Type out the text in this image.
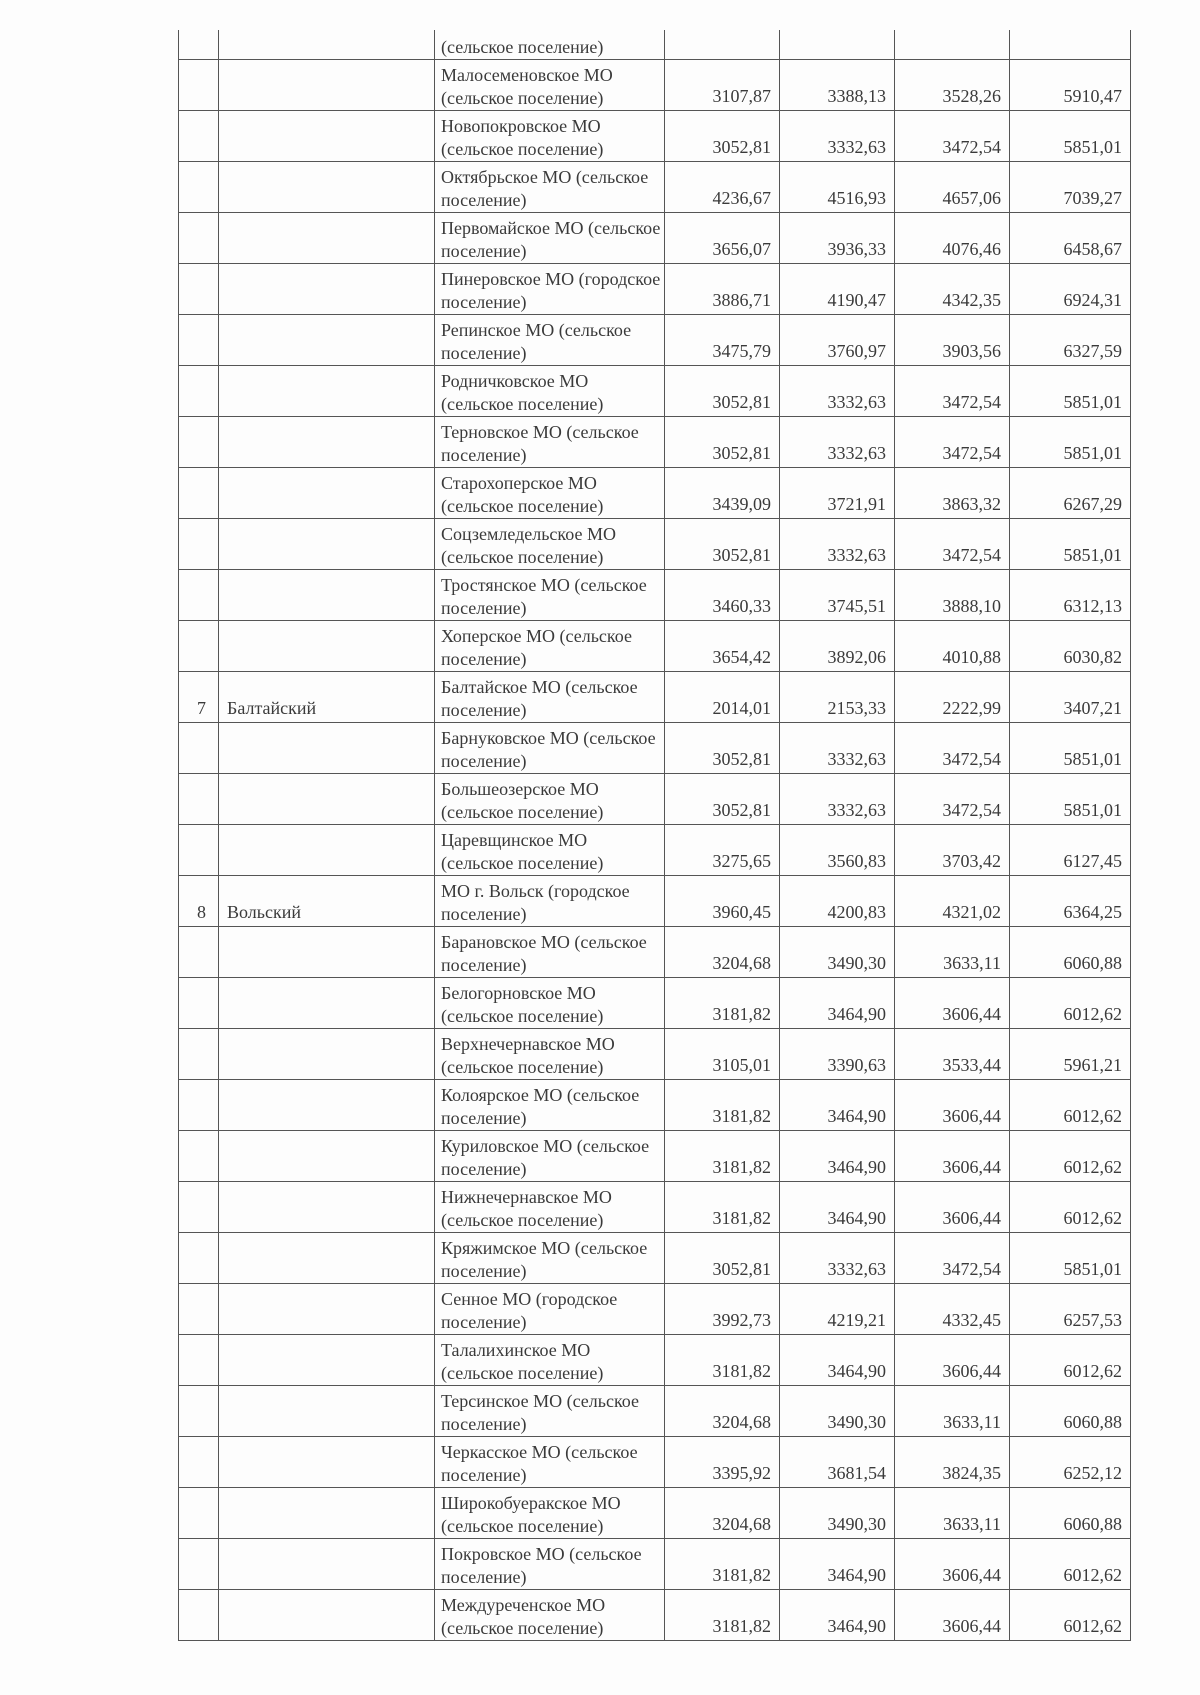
		(сельское поселение)				
		Малосеменовское МО (сельское поселение)	3107,87	3388,13	3528,26	5910,47
		Новопокровское МО (сельское поселение)	3052,81	3332,63	3472,54	5851,01
		Октябрьское МО (сельское поселение)	4236,67	4516,93	4657,06	7039,27
		Первомайское МО (сельское поселение)	3656,07	3936,33	4076,46	6458,67
		Пинеровское МО (городское поселение)	3886,71	4190,47	4342,35	6924,31
		Репинское МО (сельское поселение)	3475,79	3760,97	3903,56	6327,59
		Родничковское МО (сельское поселение)	3052,81	3332,63	3472,54	5851,01
		Терновское МО (сельское поселение)	3052,81	3332,63	3472,54	5851,01
		Старохоперское МО (сельское поселение)	3439,09	3721,91	3863,32	6267,29
		Соцземледельское МО (сельское поселение)	3052,81	3332,63	3472,54	5851,01
		Тростянское МО (сельское поселение)	3460,33	3745,51	3888,10	6312,13
		Хоперское МО (сельское поселение)	3654,42	3892,06	4010,88	6030,82
7	Балтайский	Балтайское МО (сельское поселение)	2014,01	2153,33	2222,99	3407,21
		Барнуковское МО (сельское поселение)	3052,81	3332,63	3472,54	5851,01
		Большеозерское МО (сельское поселение)	3052,81	3332,63	3472,54	5851,01
		Царевщинское МО (сельское поселение)	3275,65	3560,83	3703,42	6127,45
8	Вольский	МО г. Вольск (городское поселение)	3960,45	4200,83	4321,02	6364,25
		Барановское МО (сельское поселение)	3204,68	3490,30	3633,11	6060,88
		Белогорновское МО (сельское поселение)	3181,82	3464,90	3606,44	6012,62
		Верхнечернавское МО (сельское поселение)	3105,01	3390,63	3533,44	5961,21
		Колоярское МО (сельское поселение)	3181,82	3464,90	3606,44	6012,62
		Куриловское МО (сельское поселение)	3181,82	3464,90	3606,44	6012,62
		Нижнечернавское МО (сельское поселение)	3181,82	3464,90	3606,44	6012,62
		Кряжимское МО (сельское поселение)	3052,81	3332,63	3472,54	5851,01
		Сенное МО (городское поселение)	3992,73	4219,21	4332,45	6257,53
		Талалихинское МО (сельское поселение)	3181,82	3464,90	3606,44	6012,62
		Терсинское МО (сельское поселение)	3204,68	3490,30	3633,11	6060,88
		Черкасское МО (сельское поселение)	3395,92	3681,54	3824,35	6252,12
		Широкобуеракское МО (сельское поселение)	3204,68	3490,30	3633,11	6060,88
		Покровское МО (сельское поселение)	3181,82	3464,90	3606,44	6012,62
		Междуреченское МО (сельское поселение)	3181,82	3464,90	3606,44	6012,62
